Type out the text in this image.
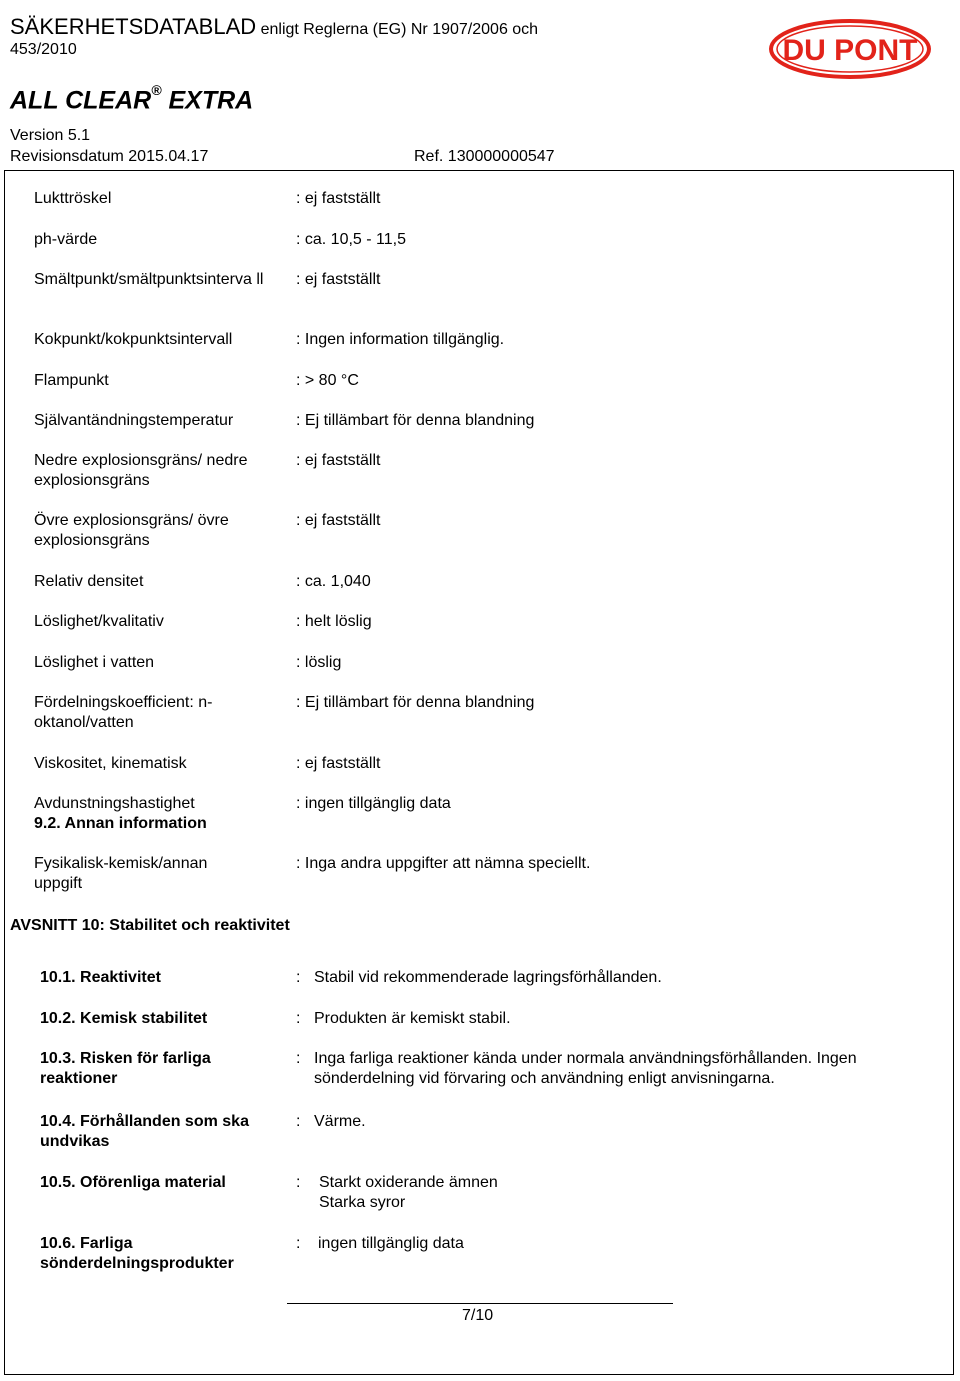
SÄKERHETSDATABLAD enligt Reglerna (EG) Nr 1907/2006 och
453/2010
ALL CLEAR® EXTRA
Version 5.1
Revisionsdatum 2015.04.17	Ref. 130000000547
DU PONT
Lukttröskel	: ej fastställt
ph-värde	: ca. 10,5 - 11,5
Smältpunkt/smältpunktsinterva ll	: ej fastställt
Kokpunkt/kokpunktsintervall	: Ingen information tillgänglig.
Flampunkt	: > 80 °C
Självantändningstemperatur	: Ej tillämbart för denna blandning
Nedre explosionsgräns/ nedre explosionsgräns
: ej fastställt
Övre explosionsgräns/ övre explosionsgräns
: ej fastställt
Relativ densitet	: ca. 1,040
Löslighet/kvalitativ	: helt löslig
Löslighet i vatten	: löslig
Fördelningskoefficient: n-oktanol/vatten
: Ej tillämbart för denna blandning
Viskositet, kinematisk	: ej fastställt
Avdunstningshastighet	: ingen tillgänglig data
9.2. Annan information
Fysikalisk-kemisk/annan uppgift
: Inga andra uppgifter att nämna speciellt.
AVSNITT 10: Stabilitet och reaktivitet
10.1. Reaktivitet	: Stabil vid rekommenderade lagringsförhållanden.
10.2. Kemisk stabilitet	: Produkten är kemiskt stabil.
10.3. Risken för farliga reaktioner
: Inga farliga reaktioner kända under normala användningsförhållanden. Ingen
sönderdelning vid förvaring och användning enligt anvisningarna.
10.4. Förhållanden som ska undvikas
: Värme.
10.5. Oförenliga material	: Starkt oxiderande ämnen
Starka syror
10.6. Farliga sönderdelningsprodukter
: ingen tillgänglig data
7/10
